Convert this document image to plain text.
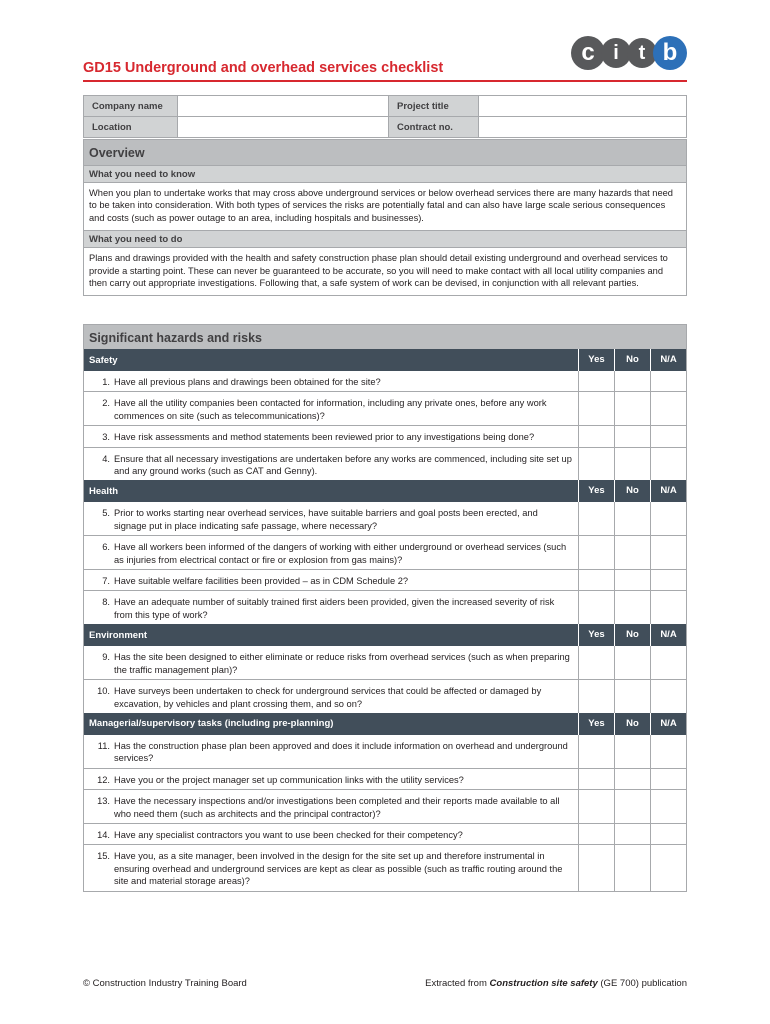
GD15 Underground and overhead services checklist
c i t b
Company name		Project title	
Location		Contract no.	
Overview
What you need to know
When you plan to undertake works that may cross above underground services or below overhead services there are many hazards that need to be taken into consideration. With both types of services the risks are potentially fatal and can also have large scale serious consequences and costs (such as power outage to an area, including hospitals and businesses).
What you need to do
Plans and drawings provided with the health and safety construction phase plan should detail existing underground and overhead services to provide a starting point. These can never be guaranteed to be accurate, so you will need to make contact with all local utility companies and then carry out appropriate investigations. Following that, a safe system of work can be devised, in conjunction with all relevant parties.
Significant hazards and risks
Safety	Yes	No	N/A
1. Have all previous plans and drawings been obtained for the site?
2. Have all the utility companies been contacted for information, including any private ones, before any work commences on site (such as telecommunications)?
3. Have risk assessments and method statements been reviewed prior to any investigations being done?
4. Ensure that all necessary investigations are undertaken before any works are commenced, including site set up and any ground works (such as CAT and Genny).
Health	Yes	No	N/A
5. Prior to works starting near overhead services, have suitable barriers and goal posts been erected, and signage put in place indicating safe passage, where necessary?
6. Have all workers been informed of the dangers of working with either underground or overhead services (such as injuries from electrical contact or fire or explosion from gas mains)?
7. Have suitable welfare facilities been provided – as in CDM Schedule 2?
8. Have an adequate number of suitably trained first aiders been provided, given the increased severity of risk from this type of work?
Environment	Yes	No	N/A
9. Has the site been designed to either eliminate or reduce risks from overhead services (such as when preparing the traffic management plan)?
10. Have surveys been undertaken to check for underground services that could be affected or damaged by excavation, by vehicles and plant crossing them, and so on?
Managerial/supervisory tasks (including pre-planning)	Yes	No	N/A
11. Has the construction phase plan been approved and does it include information on overhead and underground services?
12. Have you or the project manager set up communication links with the utility services?
13. Have the necessary inspections and/or investigations been completed and their reports made available to all who need them (such as architects and the principal contractor)?
14. Have any specialist contractors you want to use been checked for their competency?
15. Have you, as a site manager, been involved in the design for the site set up and therefore instrumental in ensuring overhead and underground services are kept as clear as possible (such as traffic routing around the site and material storage areas)?
© Construction Industry Training Board	Extracted from Construction site safety (GE 700) publication
